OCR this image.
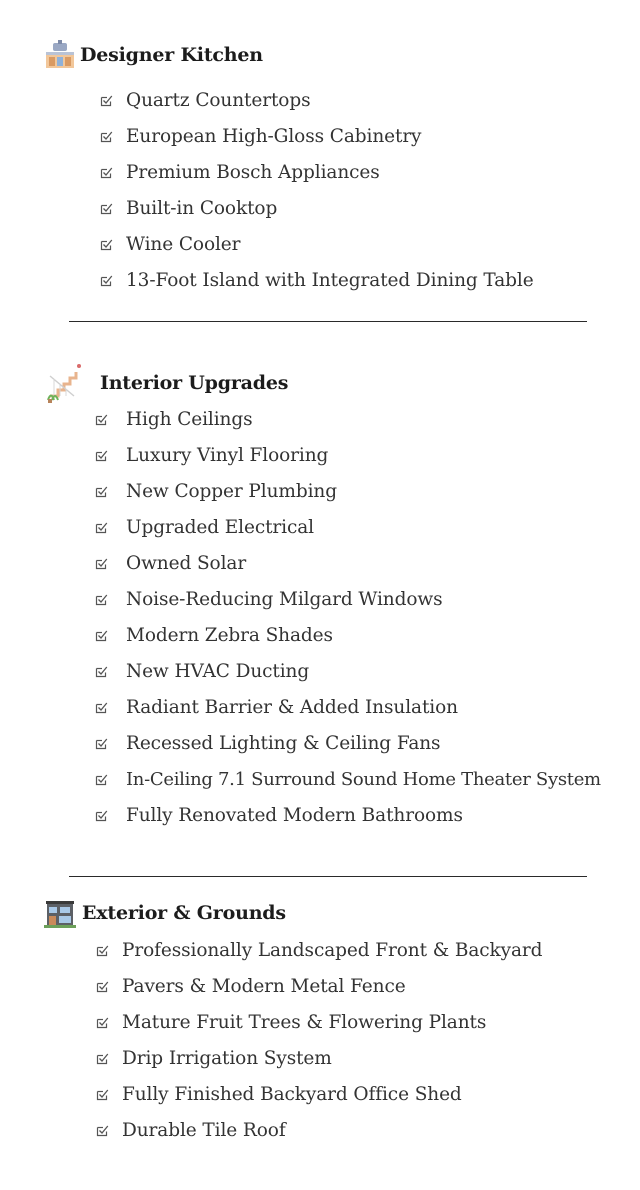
Designer Kitchen
Quartz Countertops
European High-Gloss Cabinetry
Premium Bosch Appliances
Built-in Cooktop
Wine Cooler
13-Foot Island with Integrated Dining Table
Interior Upgrades
High Ceilings
Luxury Vinyl Flooring
New Copper Plumbing
Upgraded Electrical
Owned Solar
Noise-Reducing Milgard Windows
Modern Zebra Shades
New HVAC Ducting
Radiant Barrier & Added Insulation
Recessed Lighting & Ceiling Fans
In-Ceiling 7.1 Surround Sound Home Theater System
Fully Renovated Modern Bathrooms
Exterior & Grounds
Professionally Landscaped Front & Backyard
Pavers & Modern Metal Fence
Mature Fruit Trees & Flowering Plants
Drip Irrigation System
Fully Finished Backyard Office Shed
Durable Tile Roof
